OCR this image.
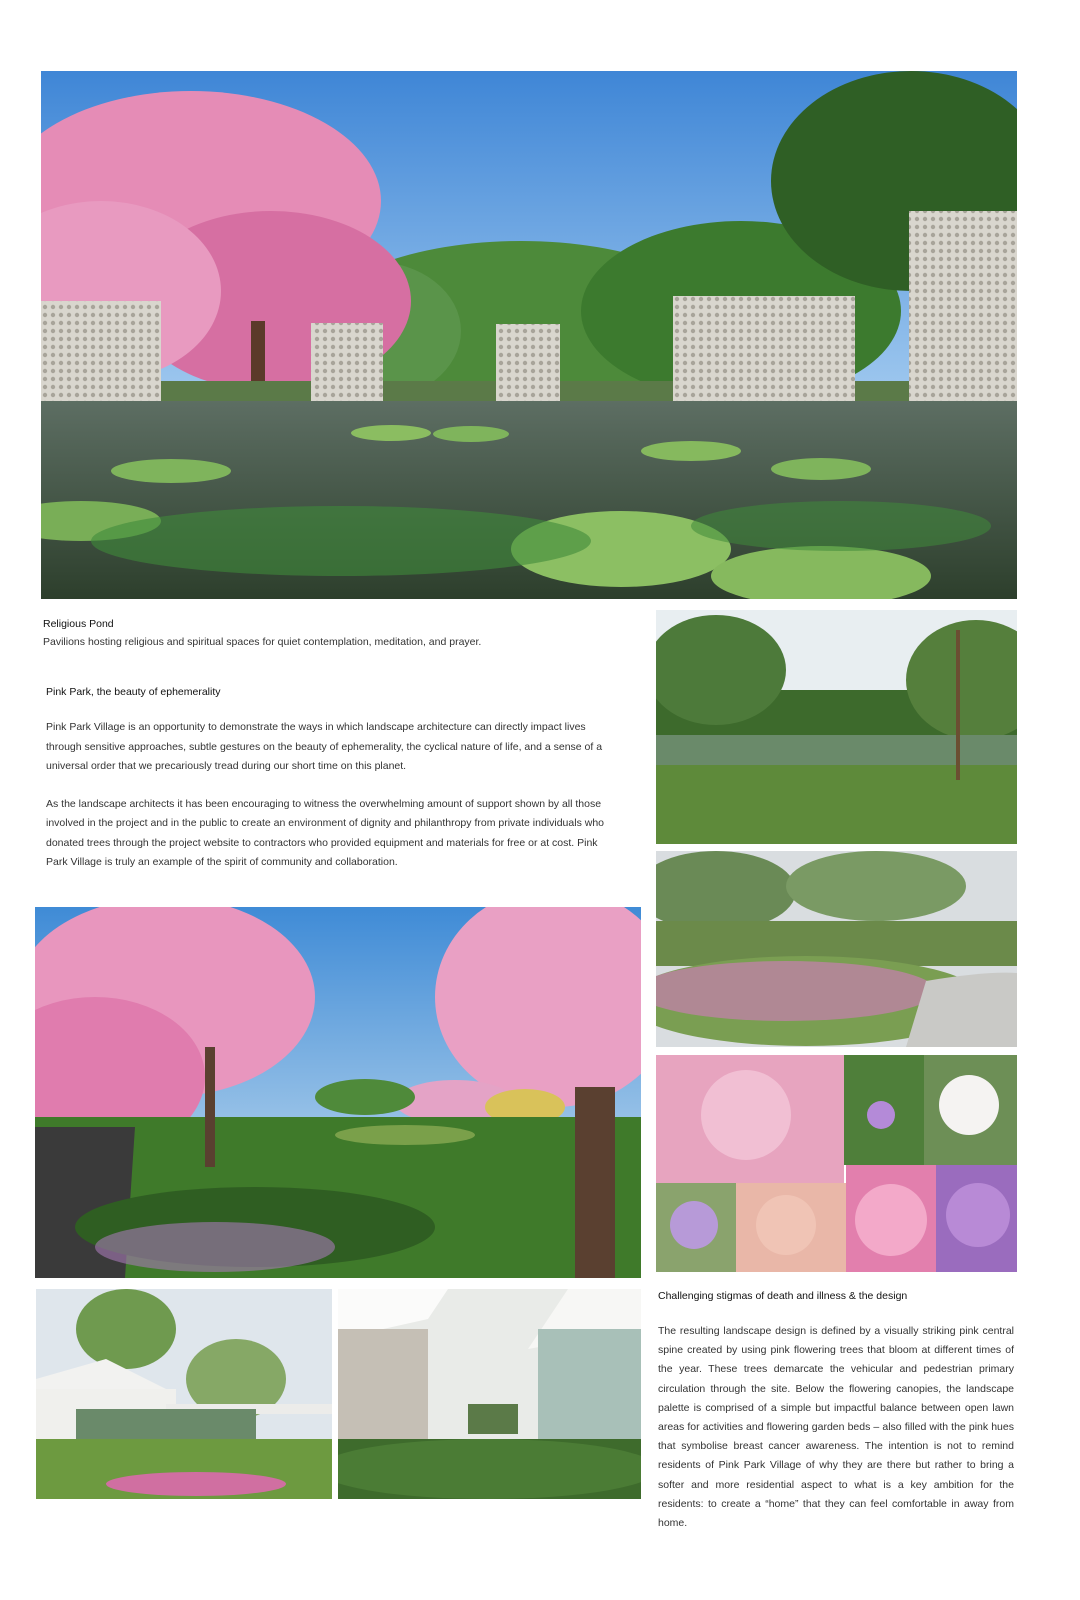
Religious Pond
Pavilions hosting religious and spiritual spaces for quiet contemplation, meditation, and prayer.
Pink Park, the beauty of ephemerality

Pink Park Village is an opportunity to demonstrate the ways in which landscape architecture can directly impact lives through sensitive approaches, subtle gestures on the beauty of ephemerality, the cyclical nature of life, and a sense of a universal order that we precariously tread during our short time on this planet.

As the landscape architects it has been encouraging to witness the overwhelming amount of support shown by all those involved in the project and in the public to create an environment of dignity and philanthropy from private individuals who donated trees through the project website to contractors who provided equipment and materials for free or at cost. Pink Park Village is truly an example of the spirit of community and collaboration.

Challenging stigmas of death and illness & the design

The resulting landscape design is defined by a visually striking pink central spine created by using pink flowering trees that bloom at different times of the year. These trees demarcate the vehicular and pedestrian primary circulation through the site. Below the flowering canopies, the landscape palette is comprised of a simple but impactful balance between open lawn areas for activities and flowering garden beds – also filled with the pink hues that symbolise breast cancer awareness. The intention is not to remind residents of Pink Park Village of why they are there but rather to bring a softer and more residential aspect to what is a key ambition for the residents: to create a “home” that they can feel comfortable in away from home.
